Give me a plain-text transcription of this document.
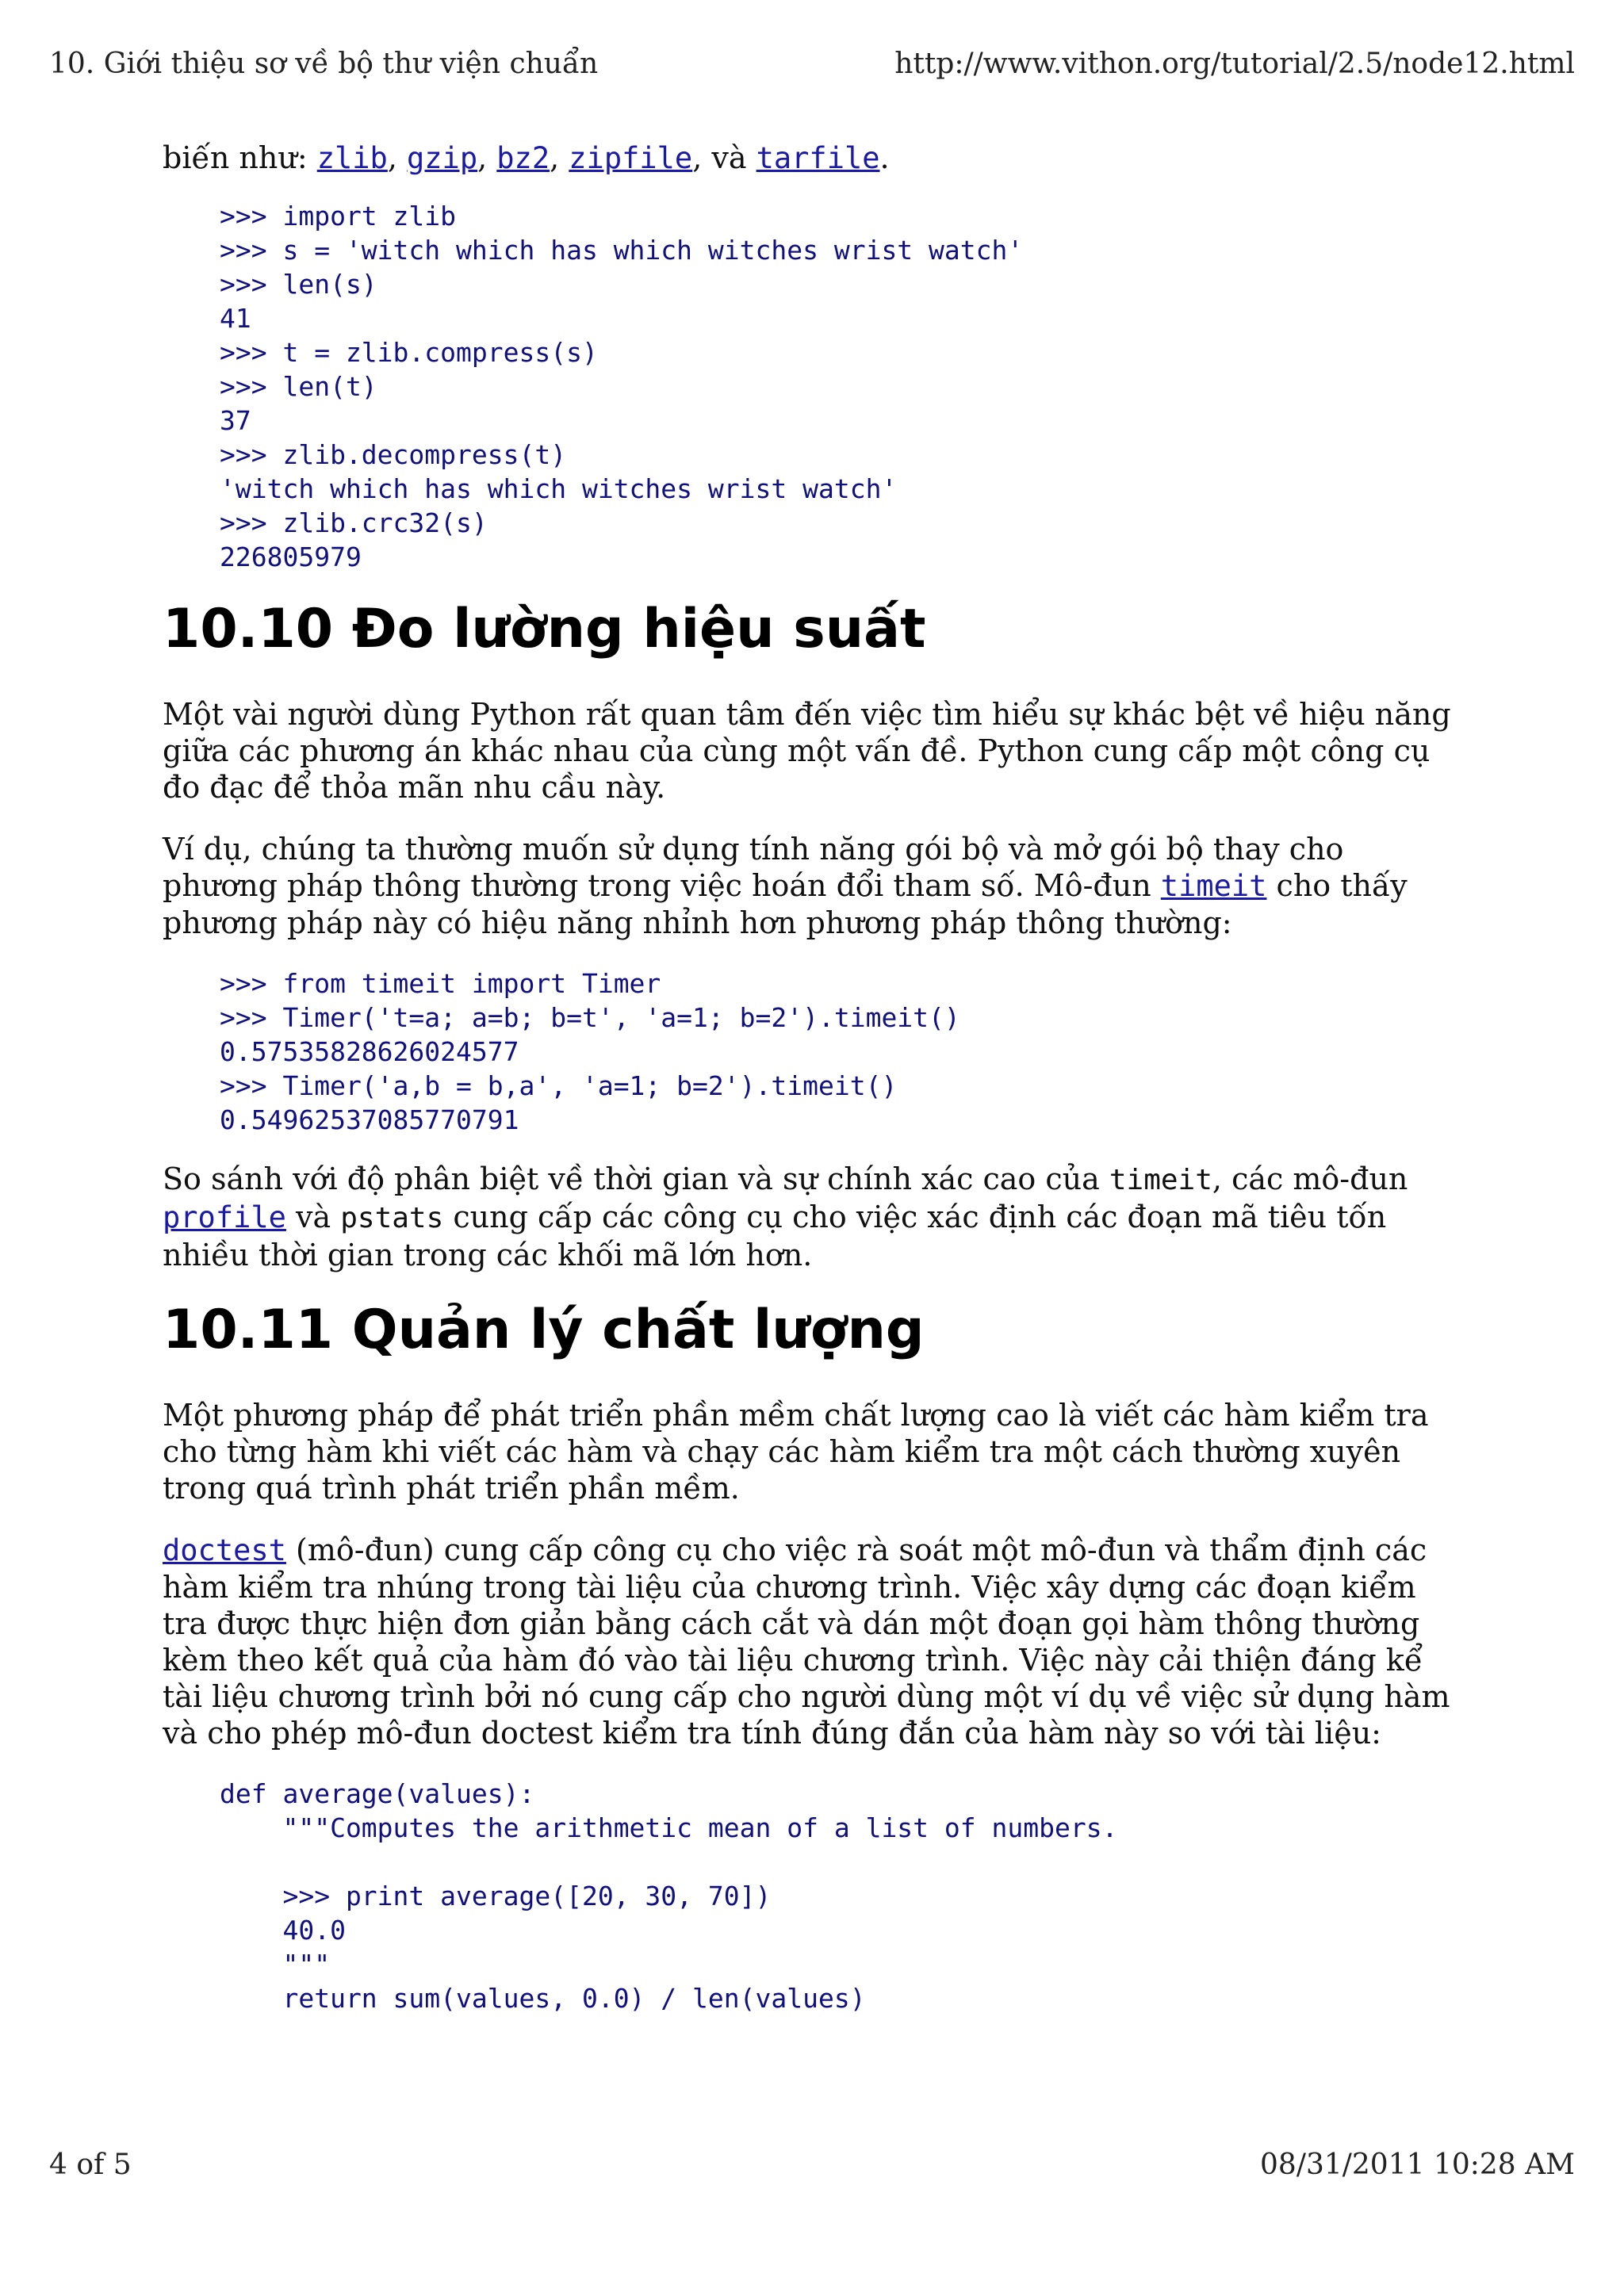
10. Giới thiệu sơ về bộ thư viện chuẩn	http://www.vithon.org/tutorial/2.5/node12.html

biến như: zlib, gzip, bz2, zipfile, và tarfile.

>>> import zlib
>>> s = 'witch which has which witches wrist watch'
>>> len(s)
41
>>> t = zlib.compress(s)
>>> len(t)
37
>>> zlib.decompress(t)
'witch which has which witches wrist watch'
>>> zlib.crc32(s)
226805979
10.10 Đo lường hiệu suất

Một vài người dùng Python rất quan tâm đến việc tìm hiểu sự khác bệt về hiệu năng giữa các phương án khác nhau của cùng một vấn đề. Python cung cấp một công cụ đo đạc để thỏa mãn nhu cầu này.

Ví dụ, chúng ta thường muốn sử dụng tính năng gói bộ và mở gói bộ thay cho phương pháp thông thường trong việc hoán đổi tham số. Mô-đun timeit cho thấy phương pháp này có hiệu năng nhỉnh hơn phương pháp thông thường:

>>> from timeit import Timer
>>> Timer('t=a; a=b; b=t', 'a=1; b=2').timeit()
0.57535828626024577
>>> Timer('a,b = b,a', 'a=1; b=2').timeit()
0.54962537085770791

So sánh với độ phân biệt về thời gian và sự chính xác cao của timeit, các mô-đun profile và pstats cung cấp các công cụ cho việc xác định các đoạn mã tiêu tốn nhiều thời gian trong các khối mã lớn hơn.

10.11 Quản lý chất lượng

Một phương pháp để phát triển phần mềm chất lượng cao là viết các hàm kiểm tra cho từng hàm khi viết các hàm và chạy các hàm kiểm tra một cách thường xuyên trong quá trình phát triển phần mềm.

doctest (mô-đun) cung cấp công cụ cho việc rà soát một mô-đun và thẩm định các hàm kiểm tra nhúng trong tài liệu của chương trình. Việc xây dựng các đoạn kiểm tra được thực hiện đơn giản bằng cách cắt và dán một đoạn gọi hàm thông thường kèm theo kết quả của hàm đó vào tài liệu chương trình. Việc này cải thiện đáng kể tài liệu chương trình bởi nó cung cấp cho người dùng một ví dụ về việc sử dụng hàm và cho phép mô-đun doctest kiểm tra tính đúng đắn của hàm này so với tài liệu:

def average(values):
"""Computes the arithmetic mean of a list of numbers.

>>> print average([20, 30, 70])
40.0
"""
return sum(values, 0.0) / len(values)
4 of 5	08/31/2011 10:28 AM
